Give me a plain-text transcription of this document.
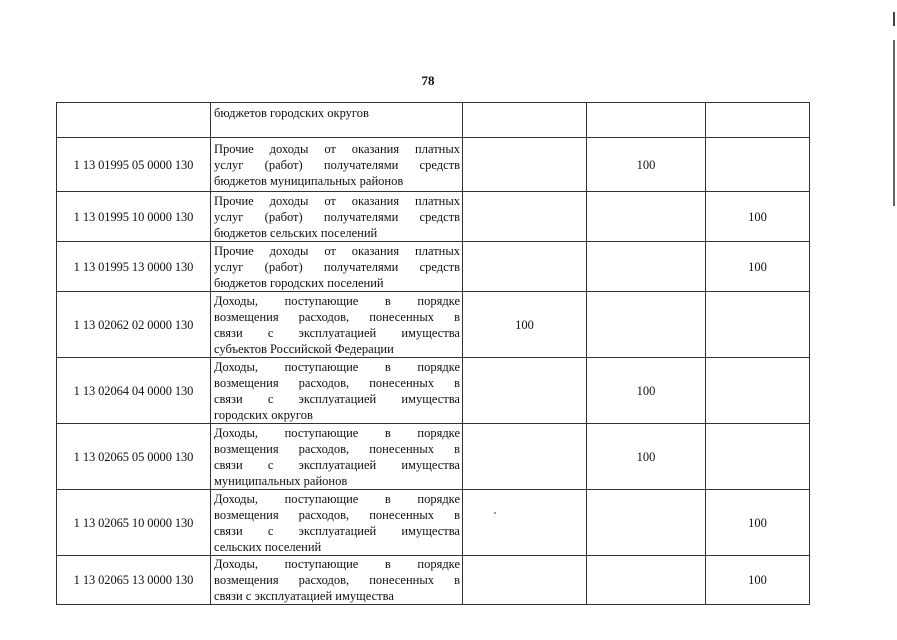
78

	бюджетов городских округов			

1 13 01995 05 0000 130	Прочие доходы от оказания платных
услуг (работ) получателями средств
бюджетов муниципальных районов		100	
1 13 01995 10 0000 130	Прочие доходы от оказания платных
услуг (работ) получателями средств
бюджетов сельских поселений			100
1 13 01995 13 0000 130	Прочие доходы от оказания платных
услуг (работ) получателями средств
бюджетов городских поселений			100
1 13 02062 02 0000 130	Доходы, поступающие в порядке
возмещения расходов, понесенных в
связи с эксплуатацией имущества
субъектов Российской Федерации	100		
1 13 02064 04 0000 130	Доходы, поступающие в порядке
возмещения расходов, понесенных в
связи с эксплуатацией имущества
городских округов		100	
1 13 02065 05 0000 130	Доходы, поступающие в порядке
возмещения расходов, понесенных в
связи с эксплуатацией имущества
муниципальных районов		100	
1 13 02065 10 0000 130	Доходы, поступающие в порядке
возмещения расходов, понесенных в
связи с эксплуатацией имущества
сельских поселений			100
1 13 02065 13 0000 130	Доходы, поступающие в порядке
возмещения расходов, понесенных в
связи с эксплуатацией имущества			100
